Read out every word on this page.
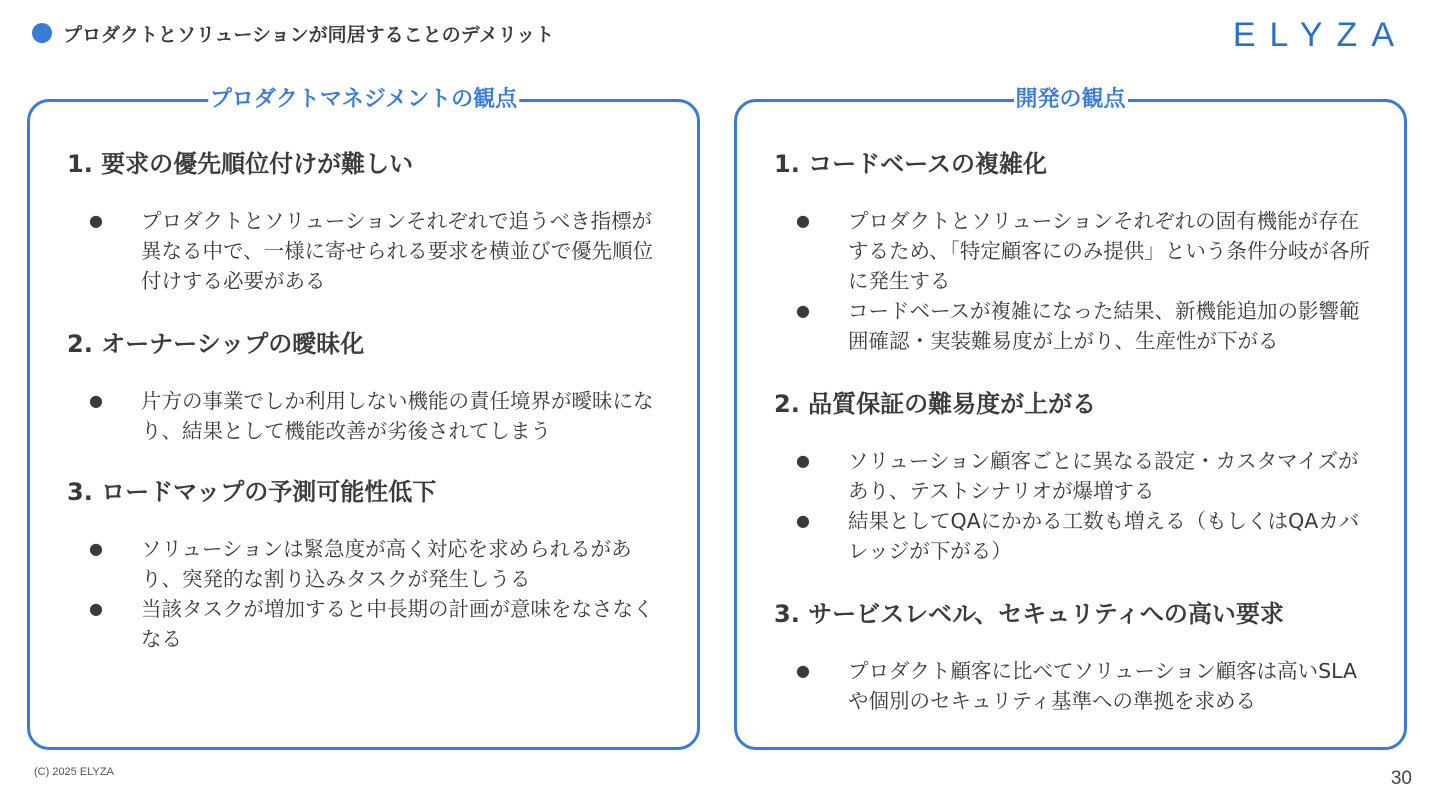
プロダクトとソリューションが同居することのデメリット	ELYZA
プロダクトマネジメントの観点
1. 要求の優先順位付けが難しい
● プロダクトとソリューションそれぞれで追うべき指標が異なる中で、一様に寄せられる要求を横並びで優先順位付けする必要がある
2. オーナーシップの曖昧化
● 片方の事業でしか利用しない機能の責任境界が曖昧になり、結果として機能改善が劣後されてしまう
3. ロードマップの予測可能性低下
● ソリューションは緊急度が高く対応を求められるがあり、突発的な割り込みタスクが発生しうる
● 当該タスクが増加すると中長期の計画が意味をなさなくなる
開発の観点
1. コードベースの複雑化
● プロダクトとソリューションそれぞれの固有機能が存在するため、「特定顧客にのみ提供」という条件分岐が各所に発生する
● コードベースが複雑になった結果、新機能追加の影響範囲確認・実装難易度が上がり、生産性が下がる
2. 品質保証の難易度が上がる
● ソリューション顧客ごとに異なる設定・カスタマイズがあり、テストシナリオが爆増する
● 結果としてQAにかかる工数も増える（もしくはQAカバレッジが下がる）
3. サービスレベル、セキュリティへの高い要求
● プロダクト顧客に比べてソリューション顧客は高いSLAや個別のセキュリティ基準への準拠を求める
(C) 2025 ELYZA	30
